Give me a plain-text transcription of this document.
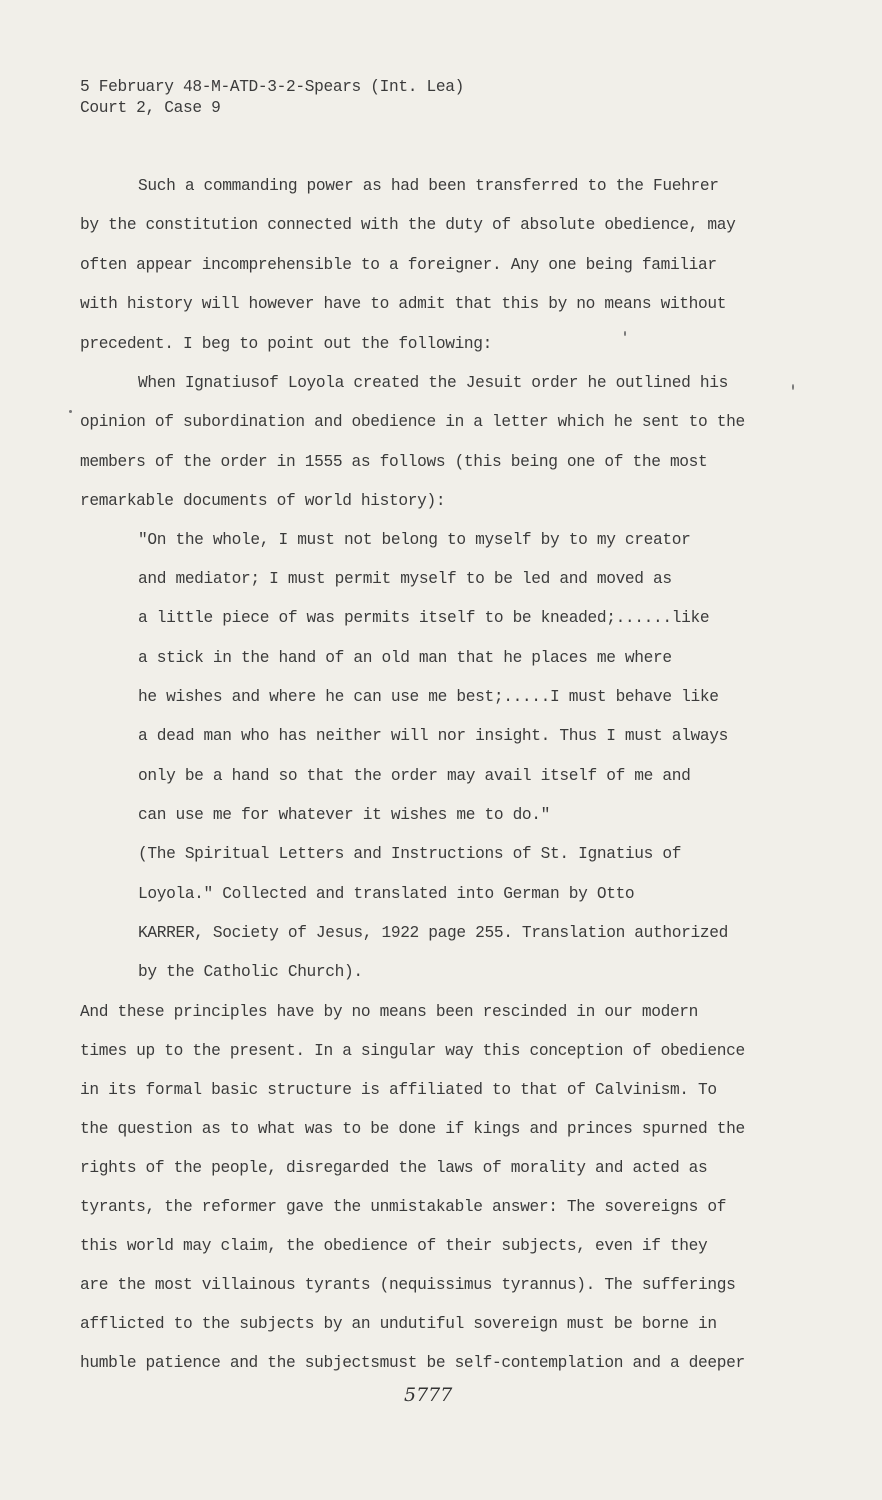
5 February 48-M-ATD-3-2-Spears (Int. Lea)
Court 2, Case 9
Such a commanding power as had been transferred to the Fuehrer
by the constitution connected with the duty of absolute obedience, may
often appear incomprehensible to a foreigner. Any one being familiar
with history will however have to admit that this by no means without
precedent. I beg to point out the following:
When Ignatiusof Loyola created the Jesuit order he outlined his
opinion of subordination and obedience in a letter which he sent to the
members of the order in 1555 as follows (this being one of the most
remarkable documents of world history):
"On the whole, I must not belong to myself by to my creator
and mediator; I must permit myself to be led and moved as
a little piece of was permits itself to be kneaded;......like
a stick in the hand of an old man that he places me where
he wishes and where he can use me best;.....I must behave like
a dead man who has neither will nor insight. Thus I must always
only be a hand so that the order may avail itself of me and
can use me for whatever it wishes me to do."
(The Spiritual Letters and Instructions of St. Ignatius of
Loyola." Collected and translated into German by Otto
KARRER, Society of Jesus, 1922 page 255. Translation authorized
by the Catholic Church).
And these principles have by no means been rescinded in our modern
times up to the present. In a singular way this conception of obedience
in its formal basic structure is affiliated to that of Calvinism. To
the question as to what was to be done if kings and princes spurned the
rights of the people, disregarded the laws of morality and acted as
tyrants, the reformer gave the unmistakable answer: The sovereigns of
this world may claim, the obedience of their subjects, even if they
are the most villainous tyrants (nequissimus tyrannus). The sufferings
afflicted to the subjects by an undutiful sovereign must be borne in
humble patience and the subjectsmust be self-contemplation and a deeper
5777
